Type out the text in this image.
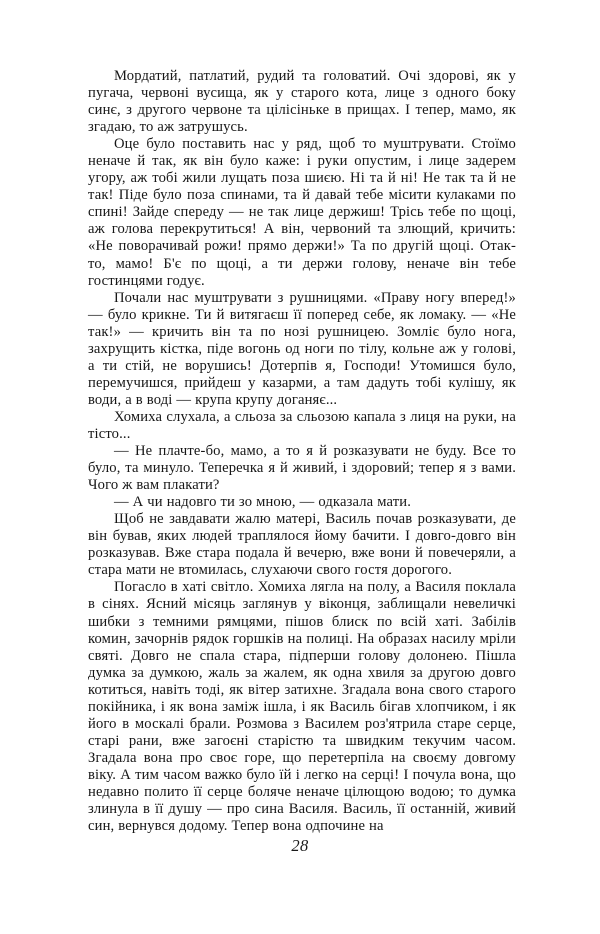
Мордатий, патлатий, рудий та головатий. Очі здорові, як у пугача, червоні вусища, як у старого кота, лице з одного боку синє, з другого червоне та цілісіньке в прищах. І тепер, мамо, як згадаю, то аж затрушусь.

Оце було поставить нас у ряд, щоб то муштрувати. Стоїмо неначе й так, як він було каже: і руки опустим, і лице задерем угору, аж тобі жили лущать поза шиєю. Ні та й ні! Не так та й не так! Піде було поза спинами, та й давай тебе місити кулаками по спині! Зайде спереду — не так лице держиш! Трісь тебе по щоці, аж голова перекрутиться! А він, червоний та злющий, кричить: «Не поворачивай рожи! прямо держи!» Та по другій щоці. Отак-то, мамо! Б'є по щоці, а ти держи голову, неначе він тебе гостинцями годує.

Почали нас муштрувати з рушницями. «Праву ногу вперед!» — було крикне. Ти й витягаєш її поперед себе, як ломаку. — «Не так!» — кричить він та по нозі рушницею. Зомліє було нога, захрущить кістка, піде вогонь од ноги по тілу, кольне аж у голові, а ти стій, не ворушись! Дотерпів я, Господи! Утомишся було, перемучишся, прийдеш у казарми, а там дадуть тобі кулішу, як води, а в воді — крупа крупу доганяє...

Хомиха слухала, а сльоза за сльозою капала з лиця на руки, на тісто...

— Не плачте-бо, мамо, а то я й розказувати не буду. Все то було, та минуло. Теперечка я й живий, і здоровий; тепер я з вами. Чого ж вам плакати?

— А чи надовго ти зо мною, — одказала мати.

Щоб не завдавати жалю матері, Василь почав розказувати, де він бував, яких людей траплялося йому бачити. І довго-довго він розказував. Вже стара подала й вечерю, вже вони й повечеряли, а стара мати не втомилась, слухаючи свого гостя дорогого.

Погасло в хаті світло. Хомиха лягла на полу, а Василя поклала в сінях. Ясний місяць заглянув у віконця, заблищали невеличкі шибки з темними рямцями, пішов блиск по всій хаті. Забілів комин, зачорнів рядок горшків на полиці. На образах насилу мріли святі. Довго не спала стара, підперши голову долонею. Пішла думка за думкою, жаль за жалем, як одна хвиля за другою довго котиться, навіть тоді, як вітер затихне. Згадала вона свого старого покійника, і як вона заміж ішла, і як Василь бігав хлопчиком, і як його в москалі брали. Розмова з Василем роз'ятрила старе серце, старі рани, вже загоєні старістю та швидким текучим часом. Згадала вона про своє горе, що перетерпіла на своєму довгому віку. А тим часом важко було їй і легко на серці! І почула вона, що недавно полито її серце боляче неначе цілющою водою; то думка злинула в її душу — про сина Василя. Василь, її останній, живий син, вернувся додому. Тепер вона одпочине на

28
